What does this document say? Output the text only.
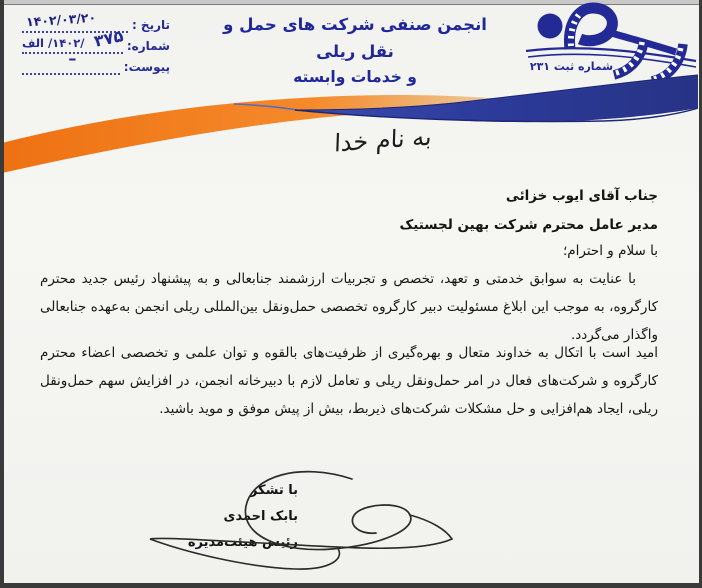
تاریخ :
۱۴۰۲/۰۳/۲۰
شماره:
۳۷۵
/۱۴۰۲/ الف
–	پیوست:
انجمن صنفی شرکت های حمل و نقل ریلی
و خدمات وابسته
شماره ثبت ۲۳۱
به نام خدا
جناب آقای ایوب خزائی
مدیر عامل محترم شرکت بهین لجستیک
با سلام و احترام؛
با عنایت به سوابق خدمتی و تعهد، تخصص و تجربیات ارزشمند جنابعالی و به پیشنهاد رئیس جدید محترم
کارگروه، به موجب این ابلاغ مسئولیت دبیر کارگروه تخصصی حمل‌ونقل بین‌المللی ریلی انجمن به‌عهده جنابعالی
واگذار می‌گردد.
امید است با اتکال به خداوند متعال و بهره‌گیری از ظرفیت‌های بالقوه و توان علمی و تخصصی اعضاء محترم
کارگروه و شرکت‌های فعال در امر حمل‌ونقل ریلی و تعامل لازم با دبیرخانه انجمن، در افزایش سهم حمل‌ونقل
ریلی، ایجاد هم‌افزایی و حل مشکلات شرکت‌های ذیربط، بیش از پیش موفق و موید باشید.
با تشکر
بابک احمدی
رئیس هیئت‌مدیره
